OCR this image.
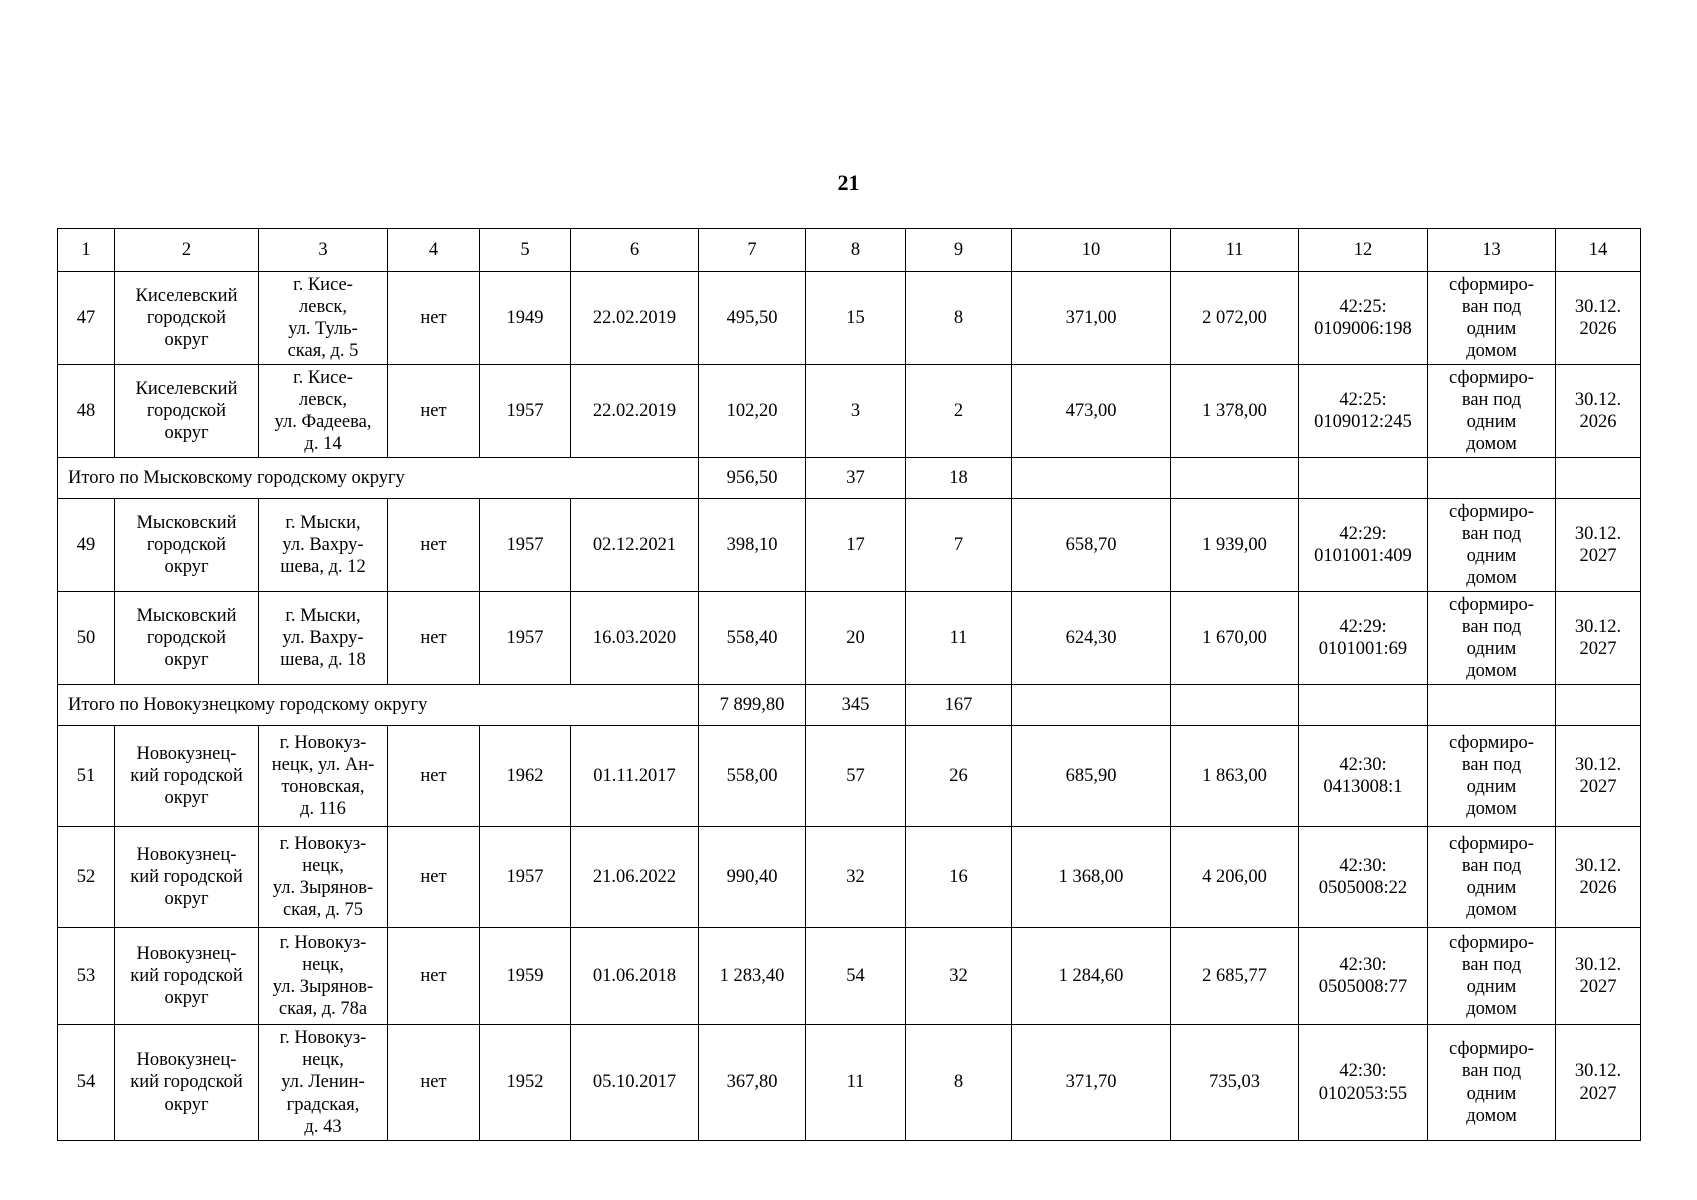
21
1	2	3	4	5	6	7	8	9	10	11	12	13	14
47	Киселевский
городской
округ	г. Кисе-
левск,
ул. Туль-
ская, д. 5	нет	1949	22.02.2019	495,50	15	8	371,00	2 072,00	42:25:
0109006:198	сформиро-
ван под
одним
домом	30.12.
2026
48	Киселевский
городской
округ	г. Кисе-
левск,
ул. Фадеева,
д. 14	нет	1957	22.02.2019	102,20	3	2	473,00	1 378,00	42:25:
0109012:245	сформиро-
ван под
одним
домом	30.12.
2026
Итого по Мысковскому городскому округу						956,50	37	18					
49	Мысковский
городской
округ	г. Мыски,
ул. Вахру-
шева, д. 12	нет	1957	02.12.2021	398,10	17	7	658,70	1 939,00	42:29:
0101001:409	сформиро-
ван под
одним
домом	30.12.
2027
50	Мысковский
городской
округ	г. Мыски,
ул. Вахру-
шева, д. 18	нет	1957	16.03.2020	558,40	20	11	624,30	1 670,00	42:29:
0101001:69	сформиро-
ван под
одним
домом	30.12.
2027
Итого по Новокузнецкому городскому округу						7 899,80	345	167					
51	Новокузнец-
кий городской
округ	г. Новокуз-
нецк, ул. Ан-
тоновская,
д. 116	нет	1962	01.11.2017	558,00	57	26	685,90	1 863,00	42:30:
0413008:1	сформиро-
ван под
одним
домом	30.12.
2027
52	Новокузнец-
кий городской
округ	г. Новокуз-
нецк,
ул. Зырянов-
ская, д. 75	нет	1957	21.06.2022	990,40	32	16	1 368,00	4 206,00	42:30:
0505008:22	сформиро-
ван под
одним
домом	30.12.
2026
53	Новокузнец-
кий городской
округ	г. Новокуз-
нецк,
ул. Зырянов-
ская, д. 78а	нет	1959	01.06.2018	1 283,40	54	32	1 284,60	2 685,77	42:30:
0505008:77	сформиро-
ван под
одним
домом	30.12.
2027
54	Новокузнец-
кий городской
округ	г. Новокуз-
нецк,
ул. Ленин-
градская,
д. 43	нет	1952	05.10.2017	367,80	11	8	371,70	735,03	42:30:
0102053:55	сформиро-
ван под
одним
домом	30.12.
2027
